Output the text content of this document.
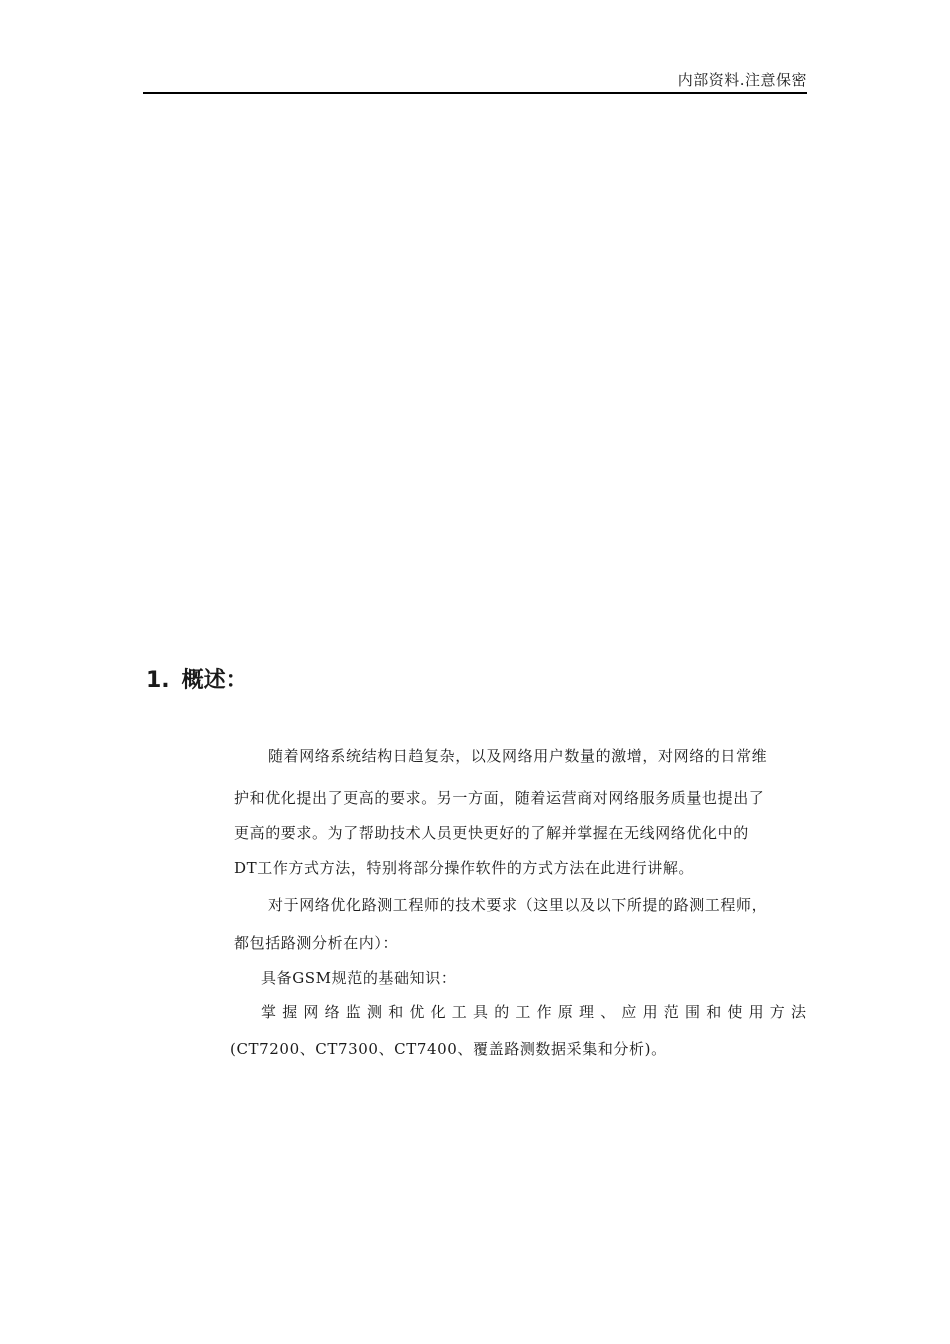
内部资料.注意保密
1. 概述：
随着网络系统结构日趋复杂，以及网络用户数量的激增，对网络的日常维
护和优化提出了更高的要求。另一方面，随着运营商对网络服务质量也提出了
更高的要求。为了帮助技术人员更快更好的了解并掌握在无线网络优化中的
DT工作方式方法，特别将部分操作软件的方式方法在此进行讲解。
对于网络优化路测工程师的技术要求（这里以及以下所提的路测工程师，
都包括路测分析在内）：
具备GSM规范的基础知识：
掌握网络监测和优化工具的工作原理、应用范围和使用方法
(CT7200、CT7300、CT7400、覆盖路测数据采集和分析)。
